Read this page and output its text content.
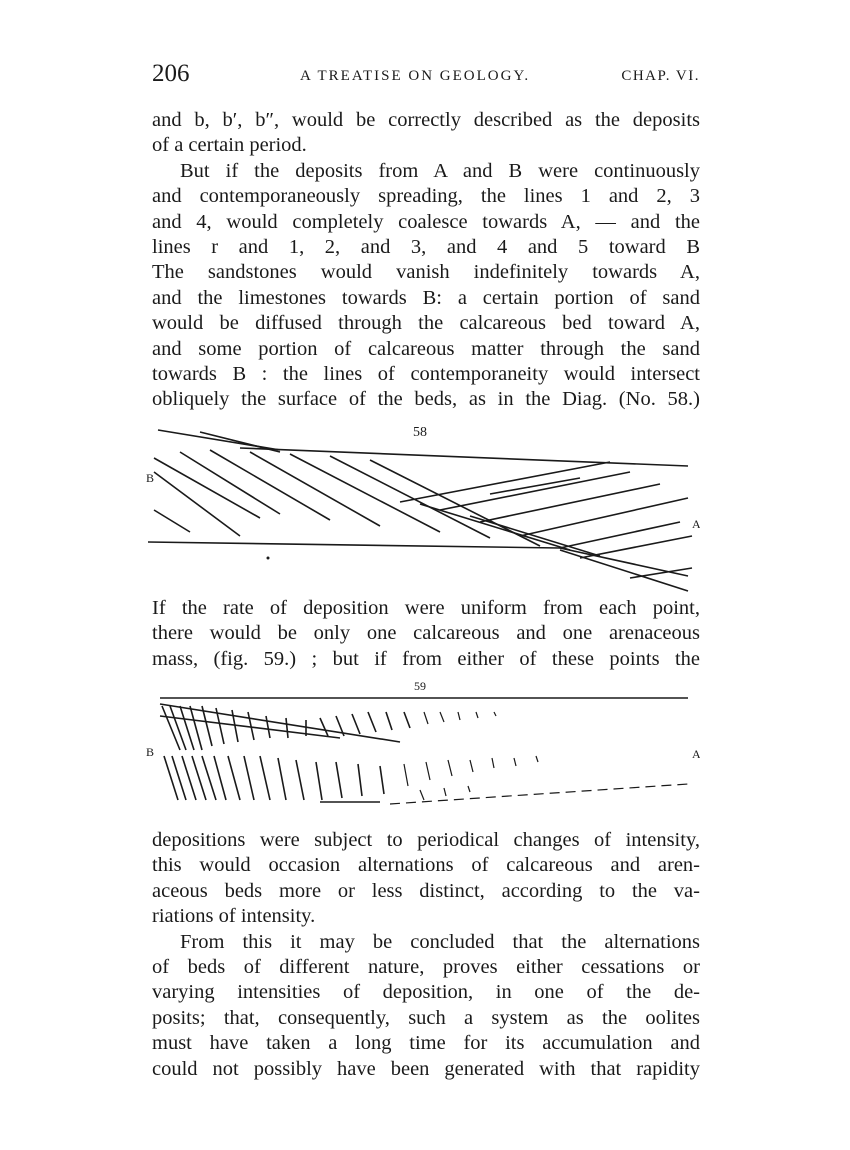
206	A TREATISE ON GEOLOGY.	CHAP. VI.
and b, b′, b″, would be correctly described as the deposits
of a certain period.
But if the deposits from A and B were continuously
and contemporaneously spreading, the lines 1 and 2, 3
and 4, would completely coalesce towards A, — and the
lines r and 1, 2, and 3, and 4 and 5 toward B
The sandstones would vanish indefinitely towards A,
and the limestones towards B: a certain portion of sand
would be diffused through the calcareous bed toward A,
and some portion of calcareous matter through the sand
towards B : the lines of contemporaneity would intersect
obliquely the surface of the beds, as in the Diag. (No. 58.)
58
B
A
If the rate of deposition were uniform from each point,
there would be only one calcareous and one arenaceous
mass, (fig. 59.) ; but if from either of these points the
59
B	A
depositions were subject to periodical changes of intensity,
this would occasion alternations of calcareous and aren-
aceous beds more or less distinct, according to the va-
riations of intensity.
From this it may be concluded that the alternations
of beds of different nature, proves either cessations or
varying intensities of deposition, in one of the de-
posits; that, consequently, such a system as the oolites
must have taken a long time for its accumulation and
could not possibly have been generated with that rapidity
